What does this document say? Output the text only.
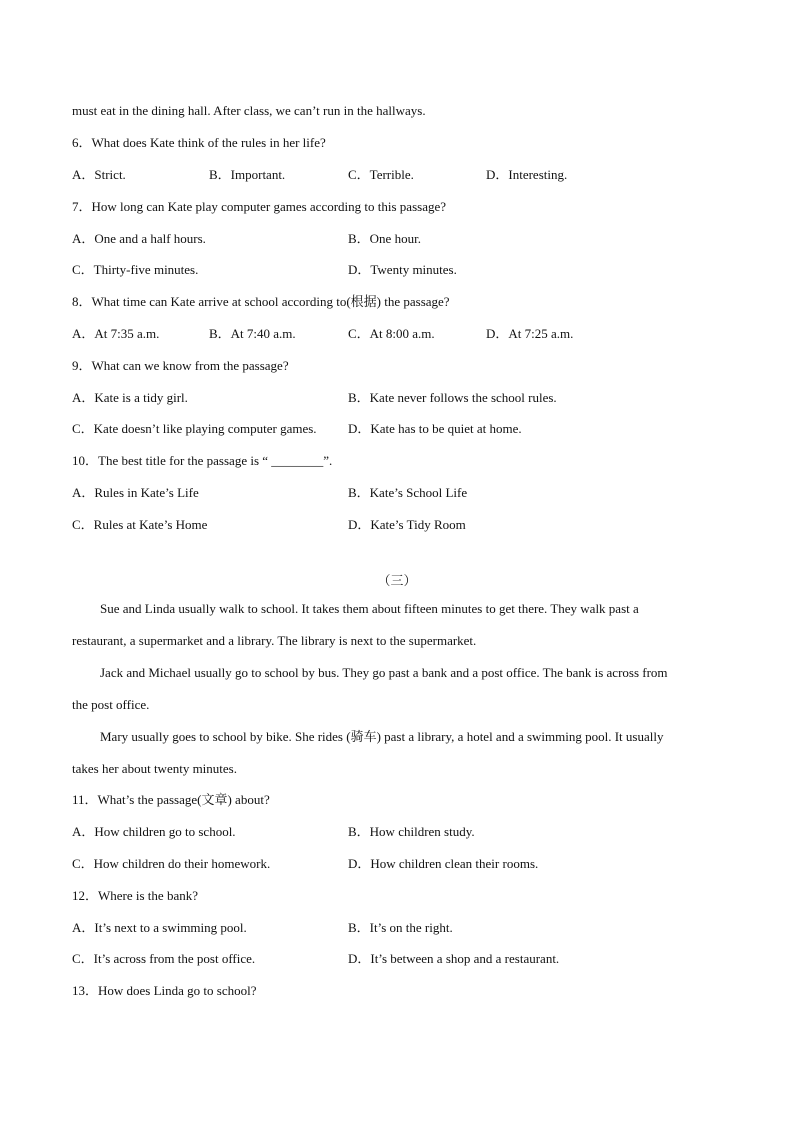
must eat in the dining hall. After class, we can’t run in the hallways.
6．What does Kate think of the rules in her life?
A．Strict.	B．Important.	C．Terrible.	D．Interesting.
7．How long can Kate play computer games according to this passage?
A．One and a half hours.	B．One hour.
C．Thirty-five minutes.	D．Twenty minutes.
8．What time can Kate arrive at school according to(根据) the passage?
A．At 7:35 a.m.	B．At 7:40 a.m.	C．At 8:00 a.m.	D．At 7:25 a.m.
9．What can we know from the passage?
A．Kate is a tidy girl.	B．Kate never follows the school rules.
C．Kate doesn’t like playing computer games. D．Kate has to be quiet at home.
10．The best title for the passage is “ ________”.
A．Rules in Kate’s Life	B．Kate’s School Life
C．Rules at Kate’s Home	D．Kate’s Tidy Room
（三）
Sue and Linda usually walk to school. It takes them about fifteen minutes to get there. They walk past a
restaurant, a supermarket and a library. The library is next to the supermarket.
Jack and Michael usually go to school by bus. They go past a bank and a post office. The bank is across from
the post office.
Mary usually goes to school by bike. She rides (骑车) past a library, a hotel and a swimming pool. It usually
takes her about twenty minutes.
11．What’s the passage(文章) about?
A．How children go to school.	B．How children study.
C．How children do their homework.	D．How children clean their rooms.
12．Where is the bank?
A．It’s next to a swimming pool.	B．It’s on the right.
C．It’s across from the post office.	D．It’s between a shop and a restaurant.
13．How does Linda go to school?
